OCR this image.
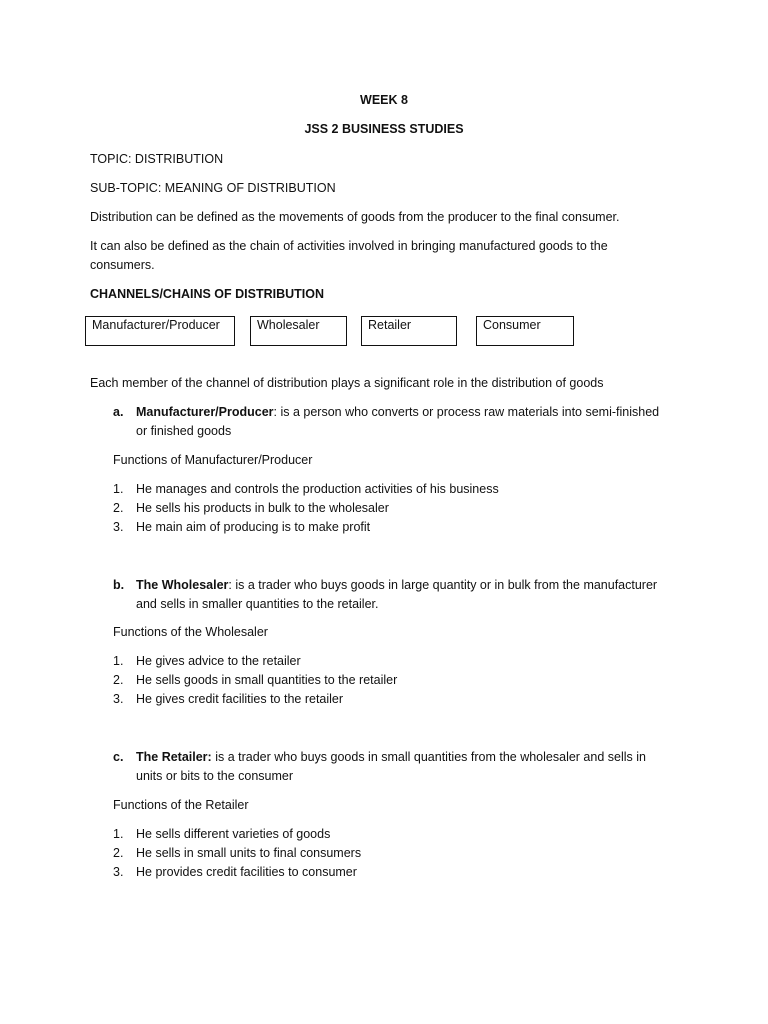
WEEK 8
JSS 2 BUSINESS STUDIES
TOPIC: DISTRIBUTION
SUB-TOPIC: MEANING OF DISTRIBUTION
Distribution can be defined as the movements of goods from the producer to the final consumer.
It can also be defined as the chain of activities involved in bringing manufactured goods to the
consumers.
CHANNELS/CHAINS OF DISTRIBUTION
Manufacturer/Producer	Wholesaler	Retailer	Consumer
Each member of the channel of distribution plays a significant role in the distribution of goods
a. Manufacturer/Producer: is a person who converts or process raw materials into semi-finished
or finished goods
Functions of Manufacturer/Producer
1.	He manages and controls the production activities of his business
2.	He sells his products in bulk to the wholesaler
3.	He main aim of producing is to make profit
b. The Wholesaler: is a trader who buys goods in large quantity or in bulk from the manufacturer
and sells in smaller quantities to the retailer.
Functions of the Wholesaler
1.	He gives advice to the retailer
2.	He sells goods in small quantities to the retailer
3.	He gives credit facilities to the retailer
c. The Retailer: is a trader who buys goods in small quantities from the wholesaler and sells in
units or bits to the consumer
Functions of the Retailer
1.	He sells different varieties of goods
2.	He sells in small units to final consumers
3.	He provides credit facilities to consumer
